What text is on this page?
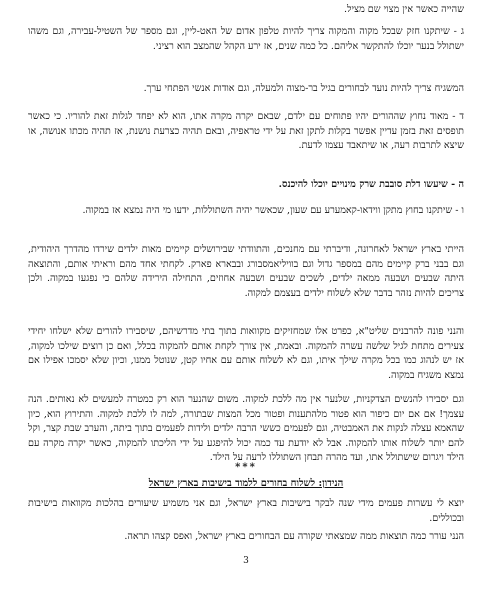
שהייה כאשר אין מצוי שם מציל.

ג - שיתקנו חזק שבכל מקוה והמקוה צריך להיות טלפון אדום של האט-ליין, וגם מספר של השטיל-עבירה, וגם משהו ישתולל בנער יוכלו להתקשר אליהם. כל כמה שנים, אז ירע הקהל שהמצב הוא רציני.

המשגיח צריך להיות נועד לבחורים בגיל בר-מצוה ולמעלה, וגם אודות אנשי הפתחי ערך.

ד - מאוד נחוץ שההורים יהיו פתוחים עם ילדם, שבאם יקרה מקרה אתו, הוא לא יפחד לגלות זאת להוריו. כי כאשר תופסים זאת בזמן עדיין אפשר בקלות לתקן זאת על ידי טראפיה, ובאם תהיה כצרעת נושנת, אז תהיה מכתו אנושה, או שיצא לתרבות רעה, או שיתאבד עצמו לדעת.

ה - שיעשו דלת סובבת שרק מינויים יוכלו להיכנס.

ו - שיתקנו בחוץ מתקן ווידאו-קאמערע עם שעון, שכאשר יהיה השתוללות, ידעו מי היה נמצא אז במקוה.

הייתי בארץ ישראל לאחרונה, ודיברתי עם מחנכים, והתוודתי שבירושלים קיימים מאות ילדים שירדו מהדרך היהודית, וגם בבני ברק קיימים מהם במספר גדול וגם בוויליאמסבורג ובבארא פארק. לקחתי אחד מהם וראיתי אותם, והתוצאה היתה שבעים ושבעה ממאה ילדים, לשכים שבעים ושבעה אחוזים, התחילה הירידה שלהם כי נפגעו במקוה. ולכן צריכים להיות נזהר בדבר שלא לשלוח ילדים בעצמם למקוה.

והנני פונה להרבנים שליט"א, כפרט אלו שמחזיקים מקוואות בתוך בתי מדרשיהם, שיסבירו להורים שלא ישלחו יחידי צעירים מתחת לגיל שלשה עשרה להמקוה. ובאמת, אין צורך לקחת אותם להמקוה בכלל, ואם כן רוצים שילכו למקוה, אז יש לנהוג כמו בכל מקרה שילך איתו, וגם לא לשלוח אותם עם אחיו קטן, שנוטל ממנו, וכיון שלא יסמכו אפילו אם נמצא משגיח במקוה.

וגם יסבירו להנשים הצדקניות, שלנער אין מה ללכת למקוה. משום שהנער הוא רק כמטרה למעשים לא נאותים. הנה עצמך! אם אם יום כיפור הוא פטור מלהתענות ופטור מכל המצות שבתורה, למה לו ללכת למקוה. והתירוץ הוא, כיון שהאמא עצלה לנקות את האמבטיה, וגם לפעמים כששי הרבה ילדים ולידות לפעמים בתוך ביתה, והערב שבת קצר, וקל להם יותר לשלוח אותו להמקוה. אבל לא יודעת עד כמה יכול להיפגע על ידי הליכתו להמקוה, כאשר יקרה מקרה עם הילד ויגרום שישתולל אתו, ועד מהרה תבחן השתוללו לרעה על הילד.

***

הנידון: לשלוח בחורים ללמוד בישיבות בארץ ישראל

יוצא לי עשרות פעמים מידי שנה לבקר בישיבות בארץ ישראל, וגם אני משמיע שיעורים בהלכות מקוואות בישיבות ובכוללים.

הנני עורר כמה תוצאות ממה שמצאתי שקורה עם הבחורים בארץ ישראל, ואפס קצהו תראה.

3
